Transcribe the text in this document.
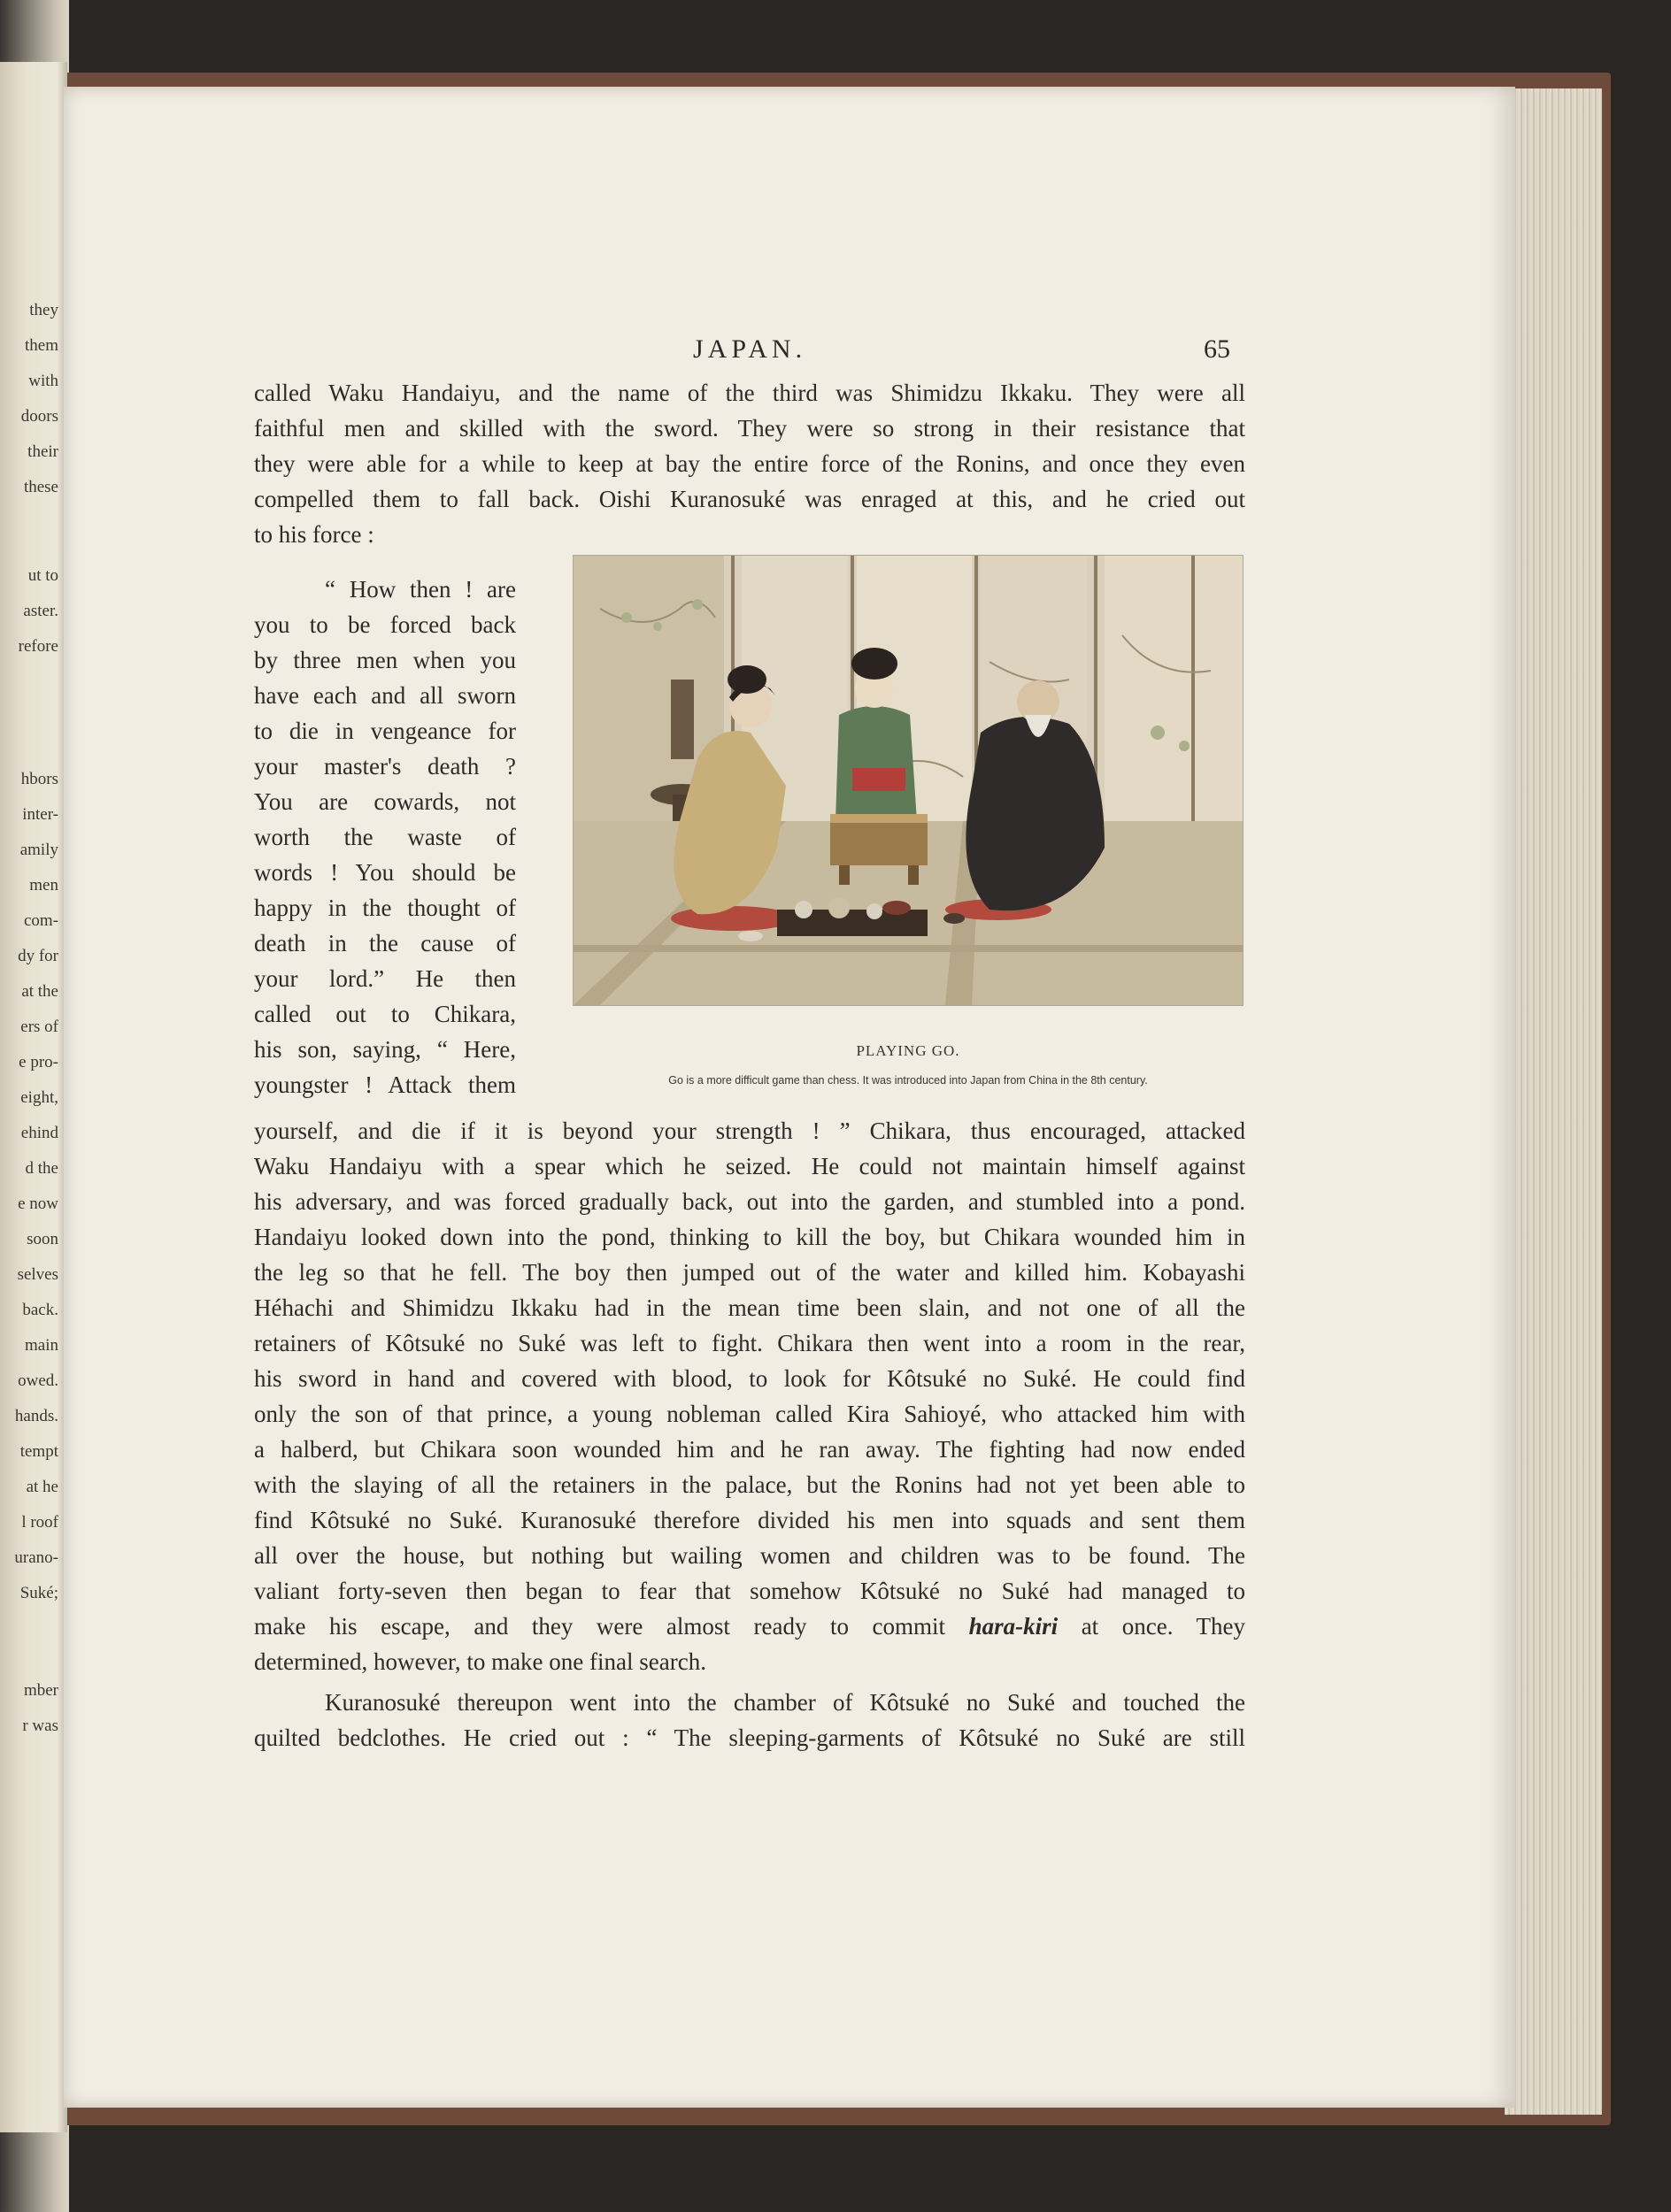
they
them
with
doors
their
these
ut to
aster.
refore
hbors
inter-
amily
men
com-
dy for
at the
ers of
e pro-
eight,
ehind
d the
e now
soon
selves
back.
main
owed.
hands.
tempt
at he
l roof
urano-
Suké;
mber
r was
JAPAN.	65
called Waku Handaiyu, and the name of the third was Shimidzu Ikkaku. They were all
faithful men and skilled with the sword. They were so strong in their resistance that
they were able for a while to keep at bay the entire force of the Ronins, and once they even
compelled them to fall back. Oishi Kuranosuké was enraged at this, and he cried out
to his force :
“ How then ! are
you to be forced back
by three men when you
have each and all sworn
to die in vengeance for
your master's death ?
You are cowards, not
worth the waste of
words ! You should be
happy in the thought of
death in the cause of
your lord.” He then
called out to Chikara,
his son, saying, “ Here,
youngster ! Attack them
PLAYING GO.
Go is a more difficult game than chess. It was introduced into Japan from China in the 8th century.
yourself, and die if it is beyond your strength ! ” Chikara, thus encouraged, attacked
Waku Handaiyu with a spear which he seized. He could not maintain himself against
his adversary, and was forced gradually back, out into the garden, and stumbled into a pond.
Handaiyu looked down into the pond, thinking to kill the boy, but Chikara wounded him in
the leg so that he fell. The boy then jumped out of the water and killed him. Kobayashi
Héhachi and Shimidzu Ikkaku had in the mean time been slain, and not one of all the
retainers of Kôtsuké no Suké was left to fight. Chikara then went into a room in the rear,
his sword in hand and covered with blood, to look for Kôtsuké no Suké. He could find
only the son of that prince, a young nobleman called Kira Sahioyé, who attacked him with
a halberd, but Chikara soon wounded him and he ran away. The fighting had now ended
with the slaying of all the retainers in the palace, but the Ronins had not yet been able to
find Kôtsuké no Suké. Kuranosuké therefore divided his men into squads and sent them
all over the house, but nothing but wailing women and children was to be found. The
valiant forty-seven then began to fear that somehow Kôtsuké no Suké had managed to
make his escape, and they were almost ready to commit hara-kiri at once. They
determined, however, to make one final search.
Kuranosuké thereupon went into the chamber of Kôtsuké no Suké and touched the
quilted bedclothes. He cried out : “ The sleeping-garments of Kôtsuké no Suké are still
